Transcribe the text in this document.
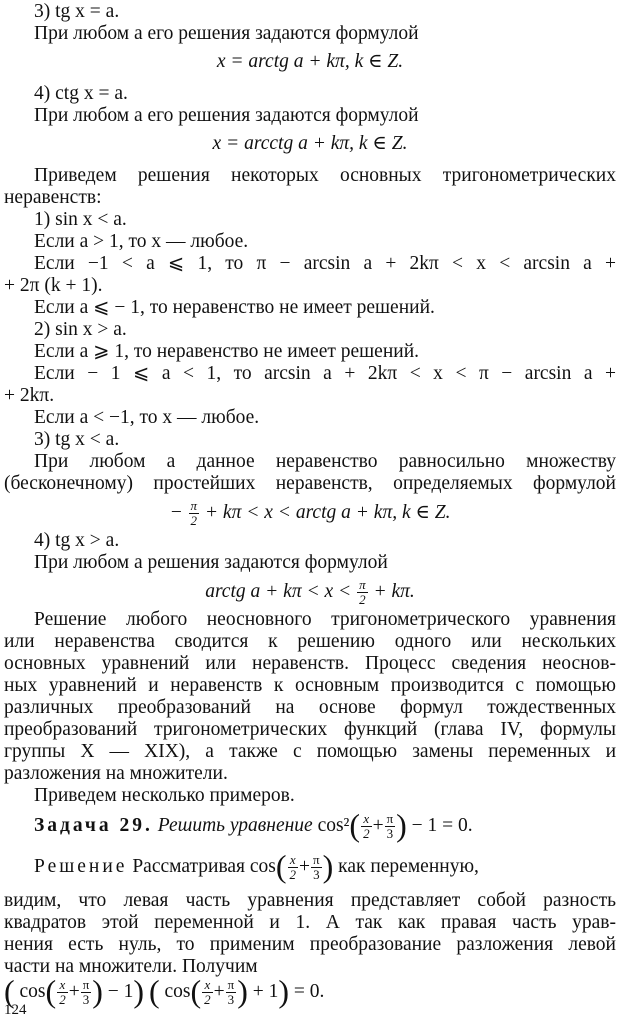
3) tg x = a.
При любом a его решения задаются формулой
x = arctg a + kπ, k ∈ Z.
4) ctg x = a.
При любом a его решения задаются формулой
x = arcctg a + kπ, k ∈ Z.
Приведем решения некоторых основных тригонометрических
неравенств:
1) sin x < a.
Если a > 1, то x — любое.
Если −1 < a ⩽ 1, то π − arcsin a + 2kπ < x < arcsin a +
+ 2π (k + 1).
Если a ⩽ − 1, то неравенство не имеет решений.
2) sin x > a.
Если a ⩾ 1, то неравенство не имеет решений.
Если − 1 ⩽ a < 1, то arcsin a + 2kπ < x < π − arcsin a +
+ 2kπ.
Если a < −1, то x — любое.
3) tg x < a.
При любом a данное неравенство равносильно множеству
(бесконечному) простейших неравенств, определяемых формулой
− $\frac{\pi}{2} + k\pi < x$ < arctg a + kπ, k ∈ Z.
4) tg x > a.
При любом a решения задаются формулой
arctg $a + k\pi < x < \frac{\pi}{2} + k\pi$.
Решение любого неосновного тригонометрического уравнения
или неравенства сводится к решению одного или нескольких
основных уравнений или неравенств. Процесс сведения неоснов-
ных уравнений и неравенств к основным производится с помощью
различных преобразований на основе формул тождественных
преобразований тригонометрических функций (глава IV, формулы
группы X — XIX), а также с помощью замены переменных и
разложения на множители.
Приведем несколько примеров.
Задача 29. Решить уравнение $\cos^2( \frac{x}{2} + \frac{\pi}{3}$ ) − 1 = 0.
Решение Рассматривая $\cos( \frac{x}{2} + \frac{\pi}{3}$ ) как переменную,
видим, что левая часть уравнения представляет собой разность
квадратов этой переменной и 1. А так как правая часть урав-
нения есть нуль, то применим преобразование разложения левой
части на множители. Получим
( $\cos( \frac{x}{2} + \frac{\pi}{3}$ ) − 1) ( $\cos( \frac{x}{2} + \frac{\pi}{3}$ ) + 1) = 0.
124
